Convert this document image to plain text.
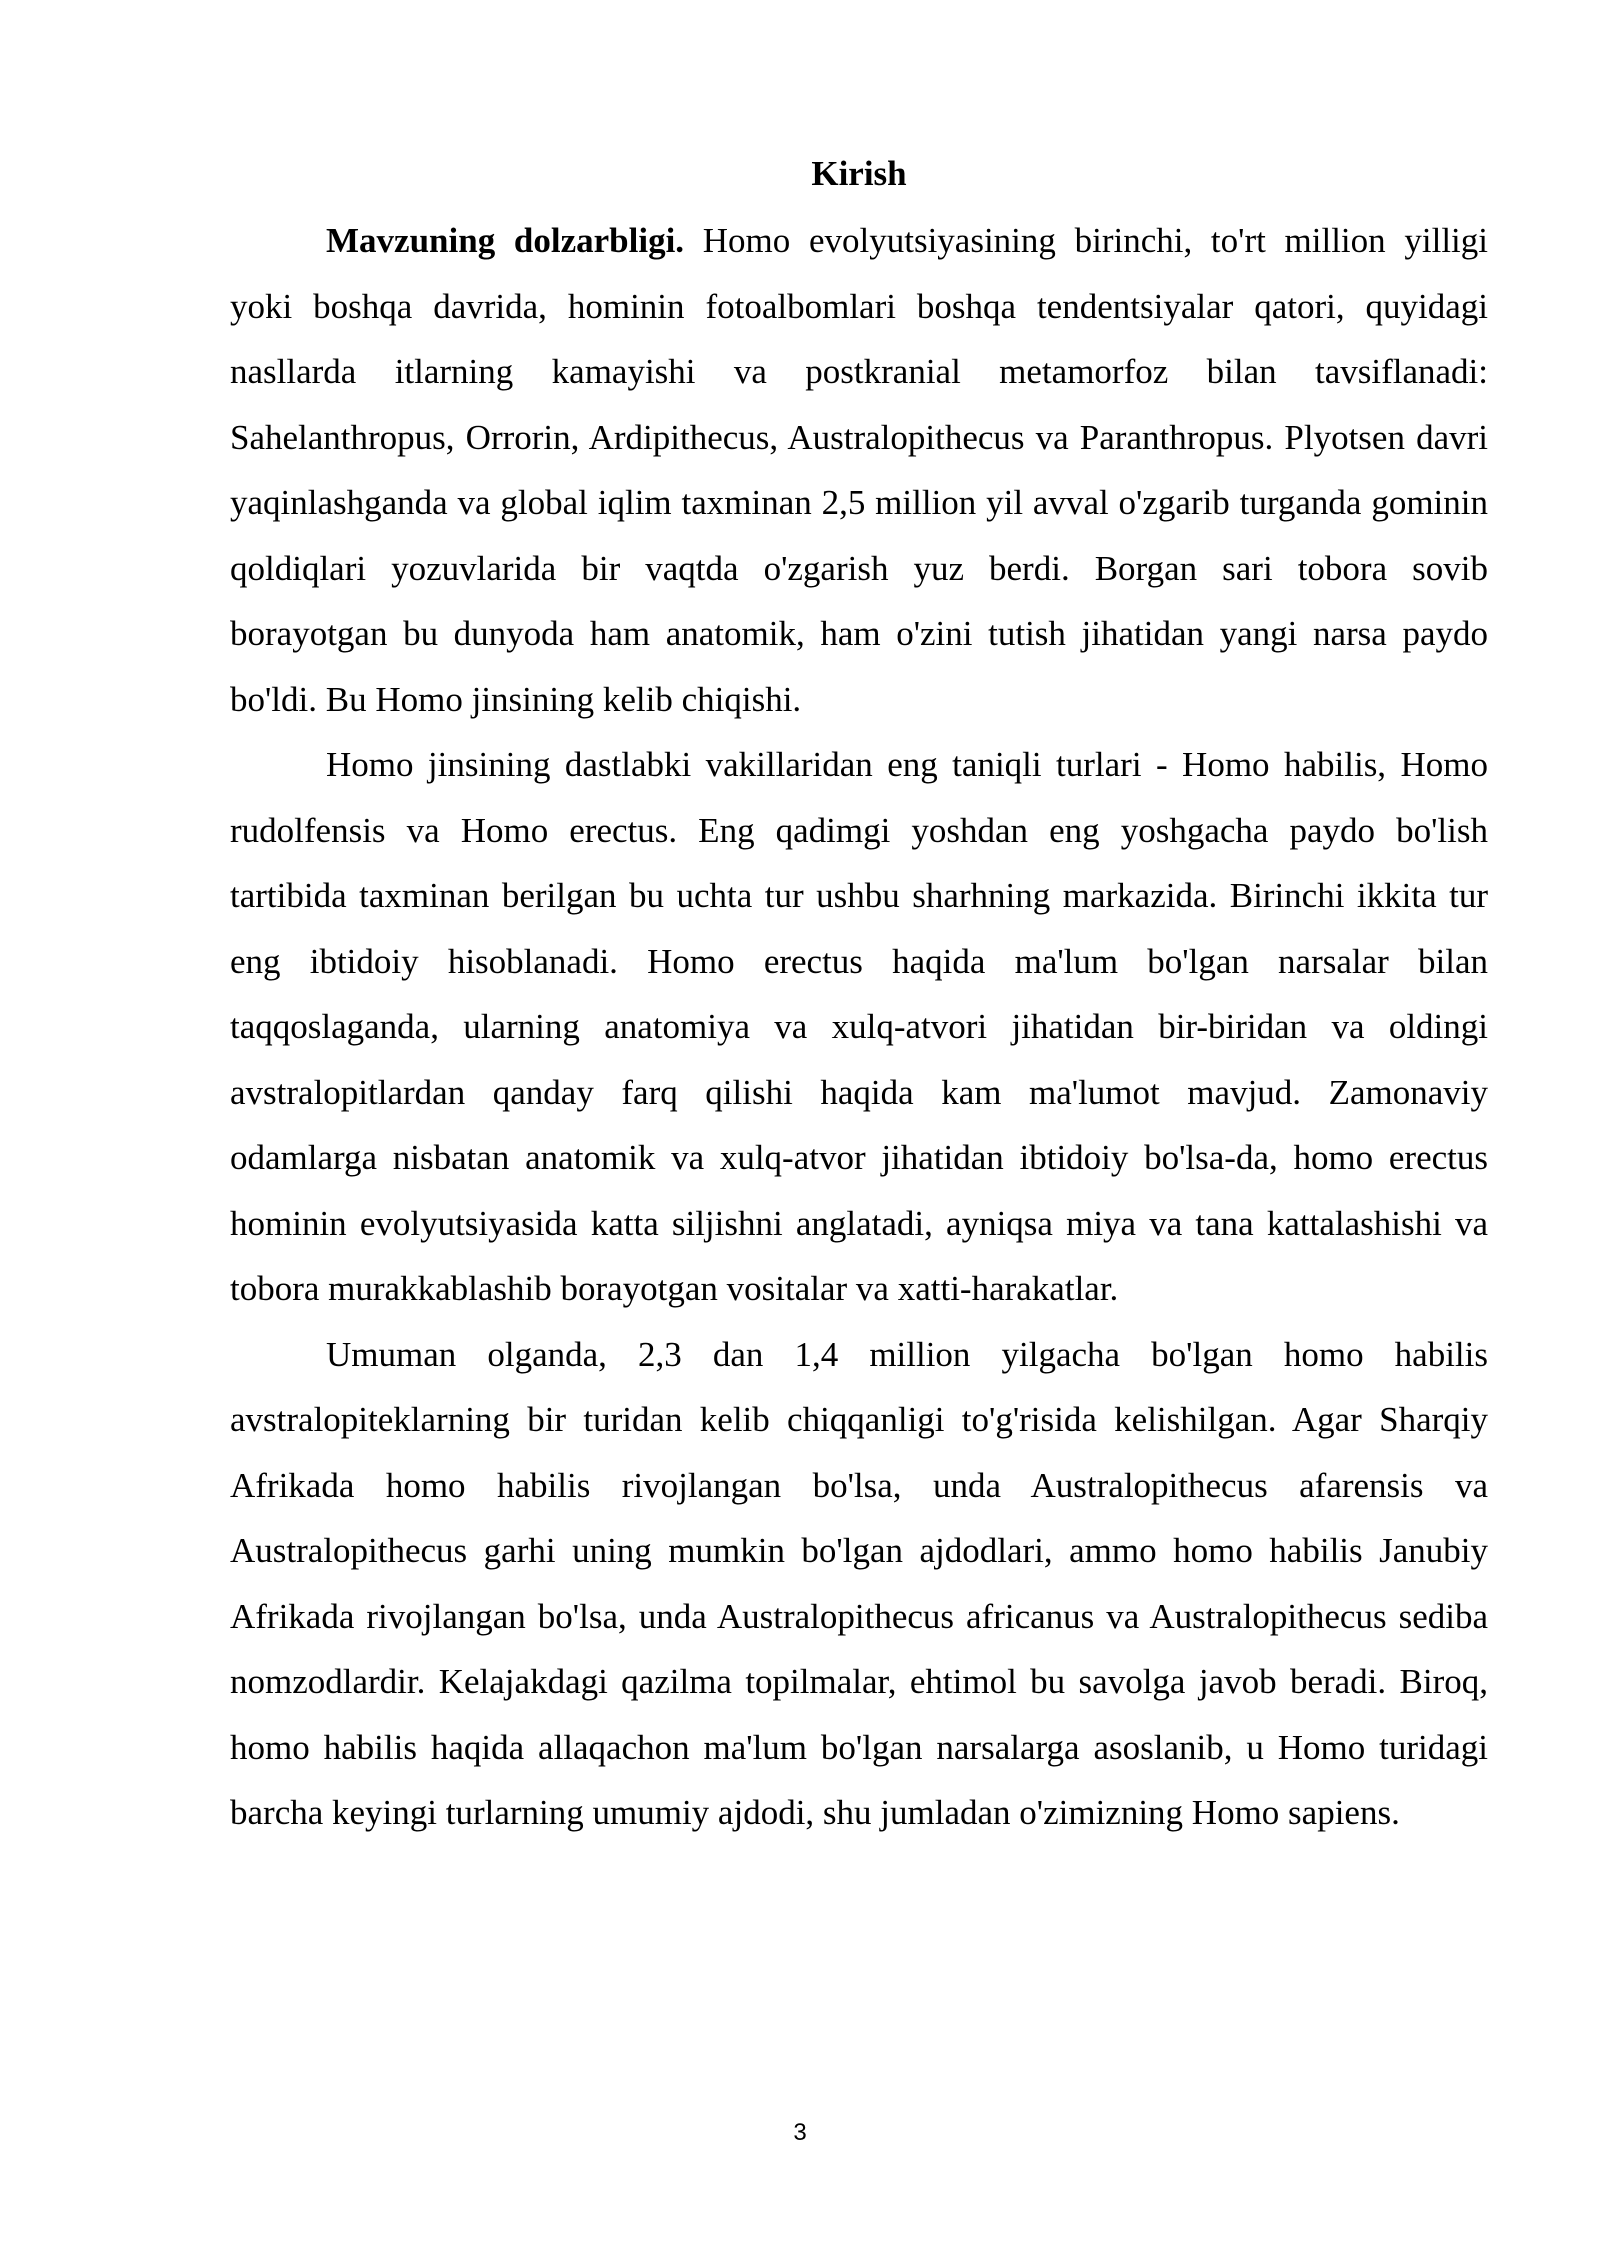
Kirish

Mavzuning dolzarbligi. Homo evolyutsiyasining birinchi, to'rt million yilligi yoki boshqa davrida, hominin fotoalbomlari boshqa tendentsiyalar qatori, quyidagi nasllarda itlarning kamayishi va postkranial metamorfoz bilan tavsiflanadi: Sahelanthropus, Orrorin, Ardipithecus, Australopithecus va Paranthropus. Plyotsen davri yaqinlashganda va global iqlim taxminan 2,5 million yil avval o'zgarib turganda gominin qoldiqlari yozuvlarida bir vaqtda o'zgarish yuz berdi. Borgan sari tobora sovib borayotgan bu dunyoda ham anatomik, ham o'zini tutish jihatidan yangi narsa paydo bo'ldi. Bu Homo jinsining kelib chiqishi.

Homo jinsining dastlabki vakillaridan eng taniqli turlari - Homo habilis, Homo rudolfensis va Homo erectus. Eng qadimgi yoshdan eng yoshgacha paydo bo'lish tartibida taxminan berilgan bu uchta tur ushbu sharhning markazida. Birinchi ikkita tur eng ibtidoiy hisoblanadi. Homo erectus haqida ma'lum bo'lgan narsalar bilan taqqoslaganda, ularning anatomiya va xulq-atvori jihatidan bir-biridan va oldingi avstralopitlardan qanday farq qilishi haqida kam ma'lumot mavjud. Zamonaviy odamlarga nisbatan anatomik va xulq-atvor jihatidan ibtidoiy bo'lsa-da, homo erectus hominin evolyutsiyasida katta siljishni anglatadi, ayniqsa miya va tana kattalashishi va tobora murakkablashib borayotgan vositalar va xatti-harakatlar.

Umuman olganda, 2,3 dan 1,4 million yilgacha bo'lgan homo habilis avstralopiteklarning bir turidan kelib chiqqanligi to'g'risida kelishilgan. Agar Sharqiy Afrikada homo habilis rivojlangan bo'lsa, unda Australopithecus afarensis va Australopithecus garhi uning mumkin bo'lgan ajdodlari, ammo homo habilis Janubiy Afrikada rivojlangan bo'lsa, unda Australopithecus africanus va Australopithecus sediba nomzodlardir. Kelajakdagi qazilma topilmalar, ehtimol bu savolga javob beradi. Biroq, homo habilis haqida allaqachon ma'lum bo'lgan narsalarga asoslanib, u Homo turidagi barcha keyingi turlarning umumiy ajdodi, shu jumladan o'zimizning Homo sapiens.

3
